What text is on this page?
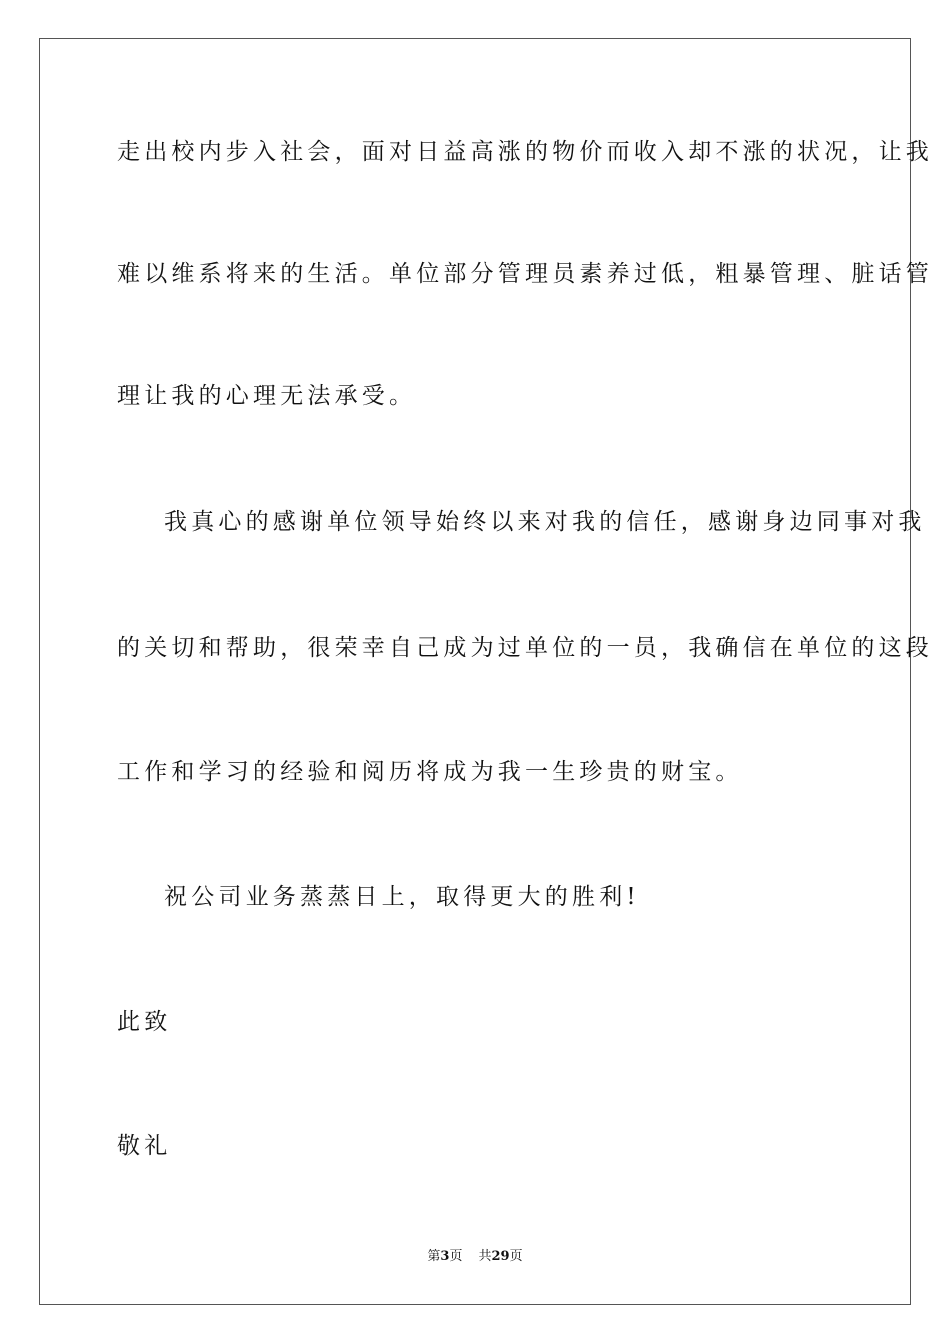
走出校内步入社会，面对日益高涨的物价而收入却不涨的状况，让我
难以维系将来的生活。单位部分管理员素养过低，粗暴管理、脏话管
理让我的心理无法承受。
我真心的感谢单位领导始终以来对我的信任，感谢身边同事对我
的关切和帮助，很荣幸自己成为过单位的一员，我确信在单位的这段
工作和学习的经验和阅历将成为我一生珍贵的财宝。
祝公司业务蒸蒸日上，取得更大的胜利!
此致
敬礼
第3页 共29页
